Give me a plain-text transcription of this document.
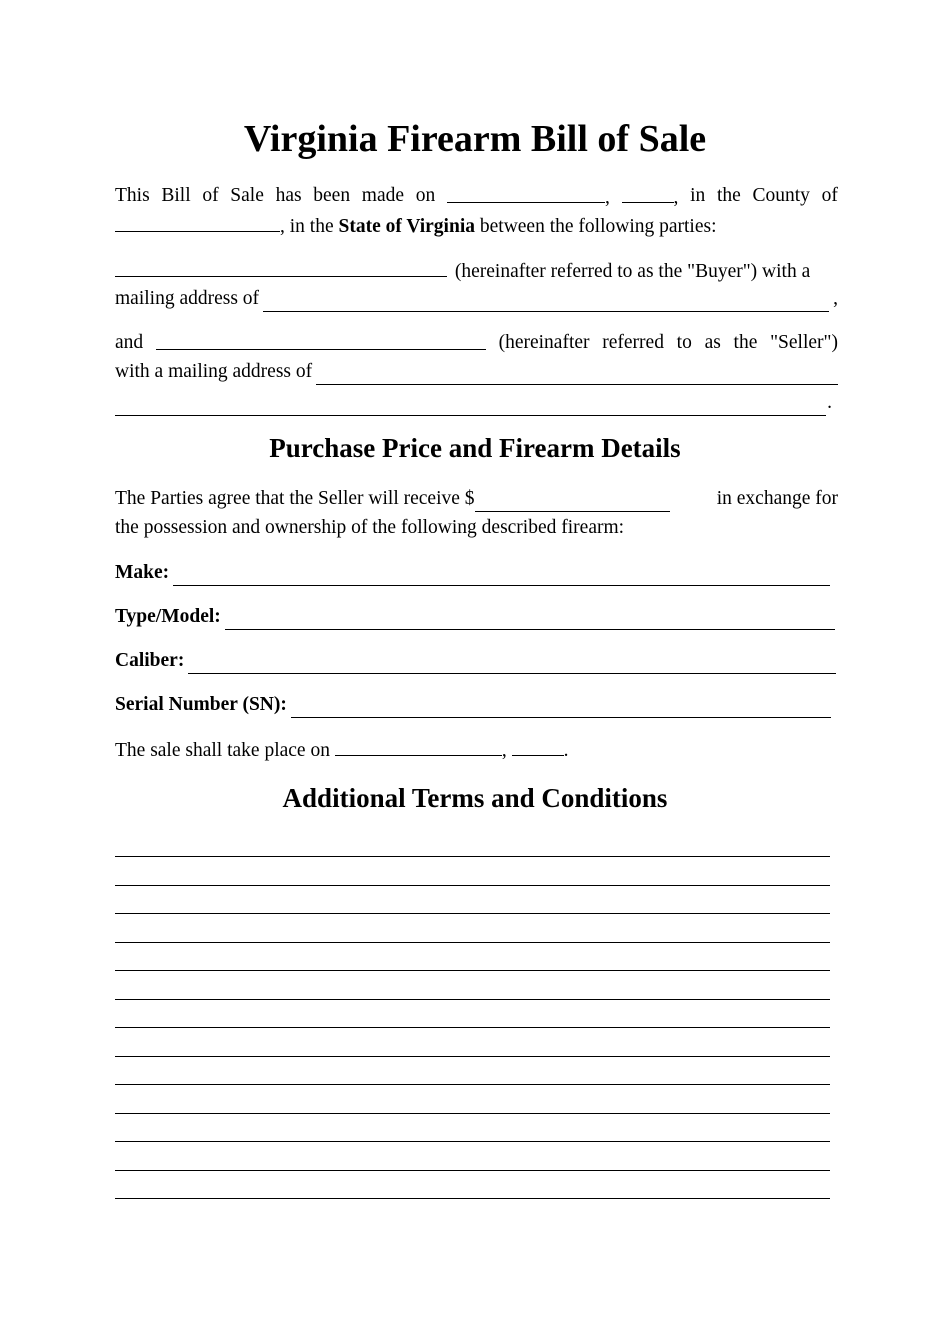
Virginia Firearm Bill of Sale
This Bill of Sale has been made on	,	, in the County of
, in the State of Virginia between the following parties:
(hereinafter referred to as the "Buyer") with a
mailing address of	,
and	(hereinafter referred to as the "Seller")
with a mailing address of
.
Purchase Price and Firearm Details
The Parties agree that the Seller will receive $	in exchange for
the possession and ownership of the following described firearm:
Make:
Type/Model:
Caliber:
Serial Number (SN):
The sale shall take place on	,	.
Additional Terms and Conditions
